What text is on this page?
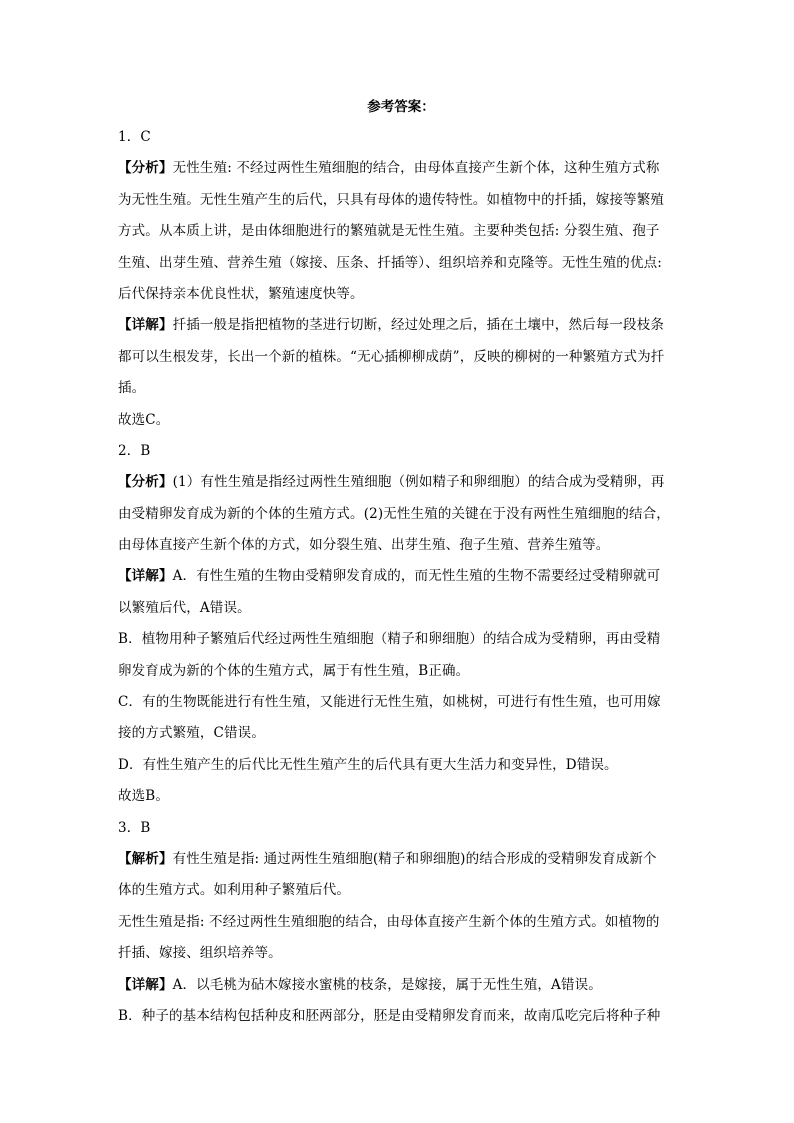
参考答案：
1．C
【分析】无性生殖: 不经过两性生殖细胞的结合，由母体直接产生新个体，这种生殖方式称
为无性生殖。无性生殖产生的后代，只具有母体的遗传特性。如植物中的扦插，嫁接等繁殖
方式。从本质上讲，是由体细胞进行的繁殖就是无性生殖。主要种类包括: 分裂生殖、孢子
生殖、出芽生殖、营养生殖（嫁接、压条、扦插等）、组织培养和克隆等。无性生殖的优点:
后代保持亲本优良性状，繁殖速度快等。
【详解】扦插一般是指把植物的茎进行切断，经过处理之后，插在土壤中，然后每一段枝条
都可以生根发芽，长出一个新的植株。“无心插柳柳成荫”，反映的柳树的一种繁殖方式为扦
插。
故选C。
2．B
【分析】(1）有性生殖是指经过两性生殖细胞（例如精子和卵细胞）的结合成为受精卵，再
由受精卵发育成为新的个体的生殖方式。(2)无性生殖的关键在于没有两性生殖细胞的结合，
由母体直接产生新个体的方式，如分裂生殖、出芽生殖、孢子生殖、营养生殖等。
【详解】A．有性生殖的生物由受精卵发育成的，而无性生殖的生物不需要经过受精卵就可
以繁殖后代，A错误。
B．植物用种子繁殖后代经过两性生殖细胞（精子和卵细胞）的结合成为受精卵，再由受精
卵发育成为新的个体的生殖方式，属于有性生殖，B正确。
C．有的生物既能进行有性生殖，又能进行无性生殖，如桃树，可进行有性生殖，也可用嫁
接的方式繁殖，C错误。
D．有性生殖产生的后代比无性生殖产生的后代具有更大生活力和变异性，D错误。
故选B。
3．B
【解析】有性生殖是指: 通过两性生殖细胞(精子和卵细胞)的结合形成的受精卵发育成新个
体的生殖方式。如利用种子繁殖后代。
无性生殖是指: 不经过两性生殖细胞的结合，由母体直接产生新个体的生殖方式。如植物的
扦插、嫁接、组织培养等。
【详解】A．以毛桃为砧木嫁接水蜜桃的枝条，是嫁接，属于无性生殖，A错误。
B．种子的基本结构包括种皮和胚两部分，胚是由受精卵发育而来，故南瓜吃完后将种子种
